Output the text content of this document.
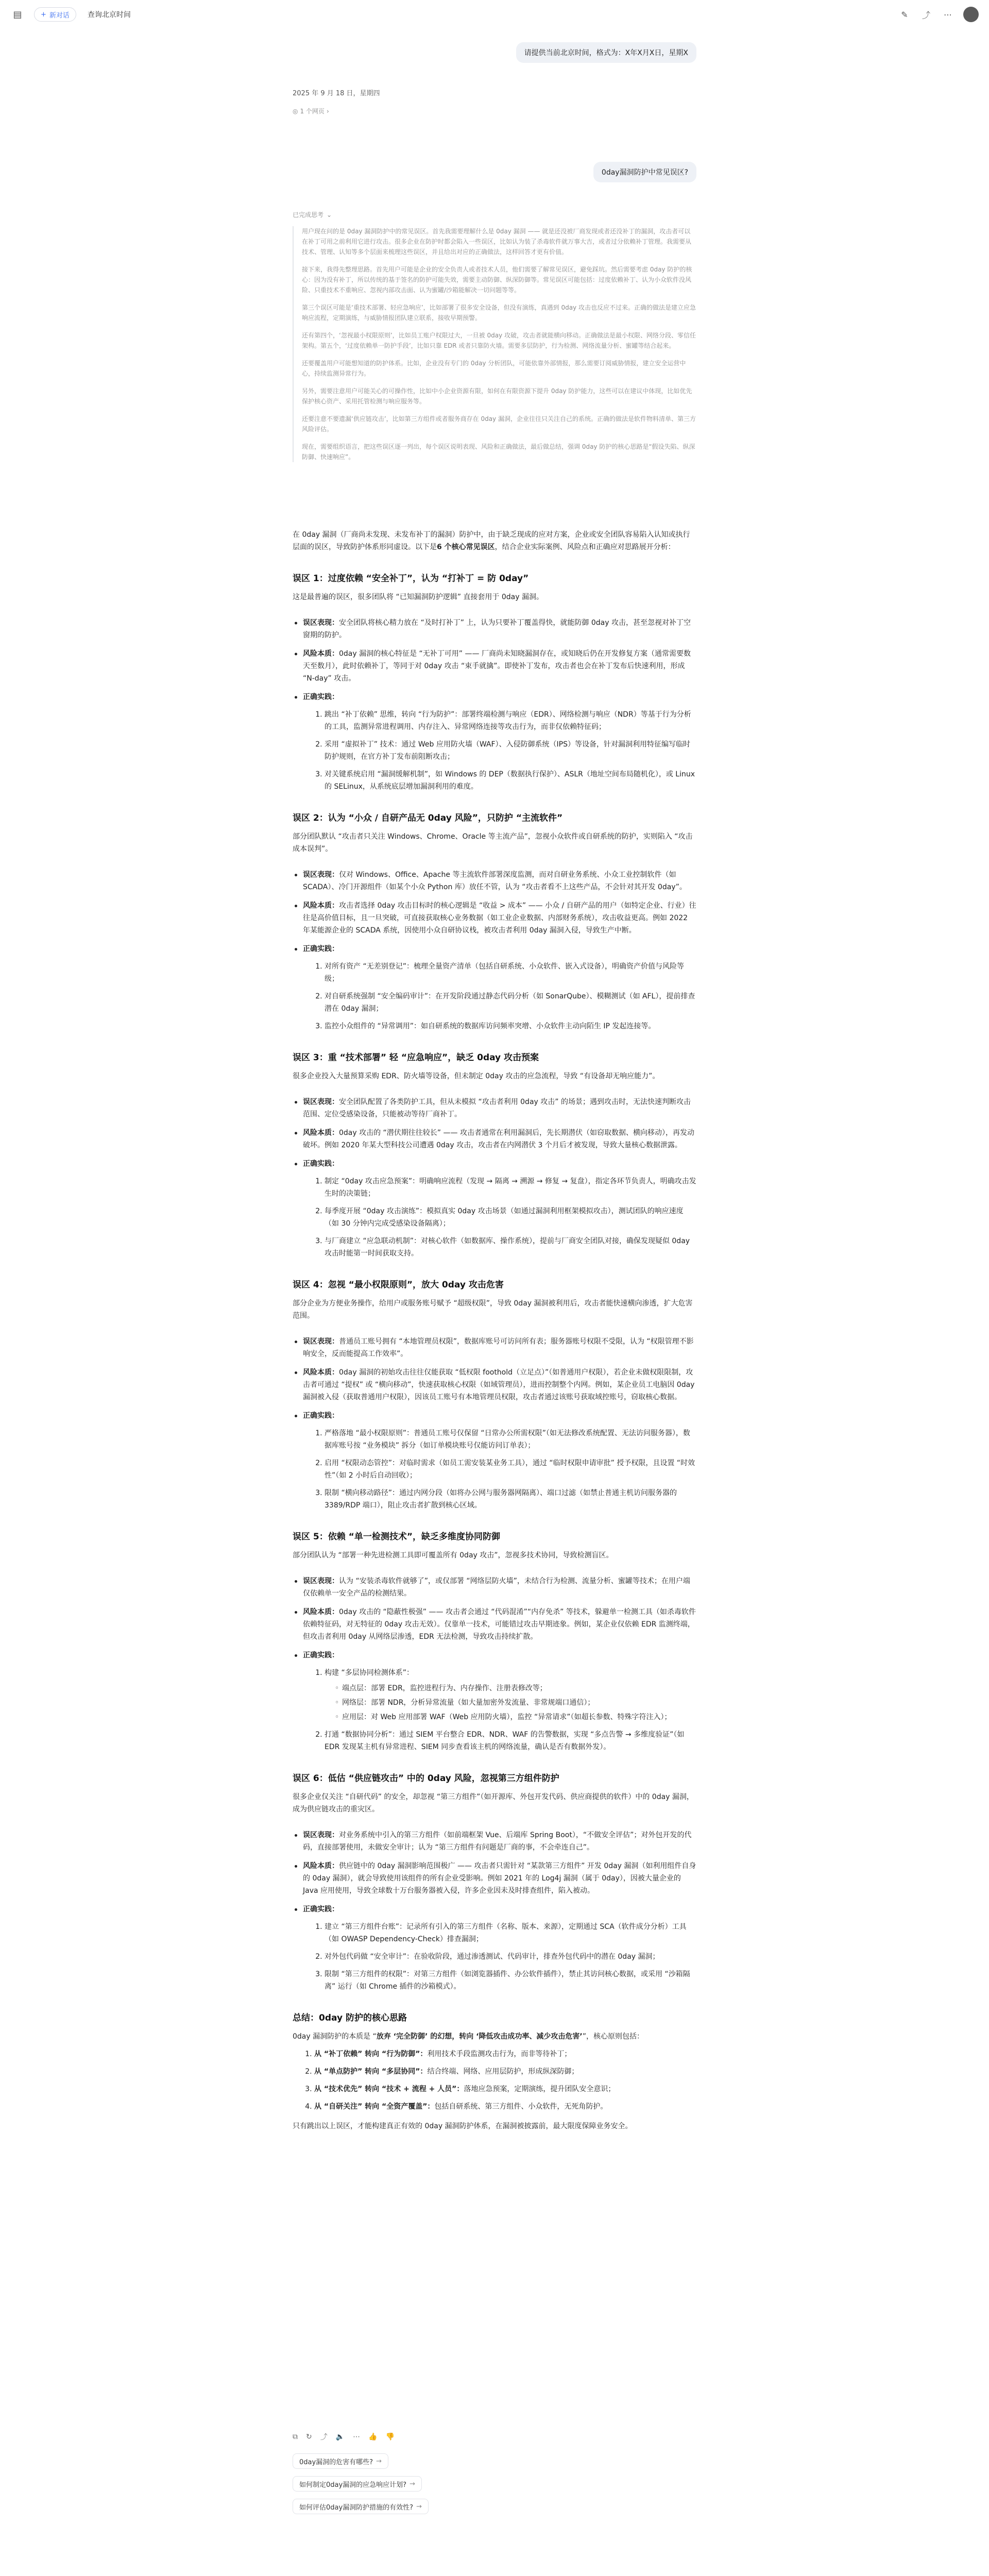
▤	+ 新对话	查询北京时间	✎	⤴ ⋯
请提供当前北京时间，格式为：X年X月X日，星期X
2025 年 9 月 18 日，星期四
◎ 1 个网页 ›
0day漏洞防护中常见误区?
已完成思考 ⌄

用户现在问的是 0day 漏洞防护中的常见误区。首先我需要理解什么是 0day 漏洞 —— 就是还没被厂商发现或者还没补丁的漏洞，攻击者可以在补丁可用之前利用它进行攻击。很多企业在防护时都会陷入一些误区，比如认为装了杀毒软件就万事大吉，或者过分依赖补丁管理。我需要从技术、管理、认知等多个层面来梳理这些误区，并且给出对应的正确做法，这样回答才更有价值。

接下来，我得先整理思路。首先用户可能是企业的安全负责人或者技术人员，他们需要了解常见误区，避免踩坑。然后需要考虑 0day 防护的核心：因为没有补丁，所以传统的基于签名的防护可能失效，需要主动防御、纵深防御等。常见误区可能包括：过度依赖补丁、认为小众软件没风险、只重技术不重响应、忽视内部攻击面、认为蜜罐/沙箱能解决一切问题等等。

第三个误区可能是‘重技术部署、轻应急响应’，比如部署了很多安全设备，但没有演练，真遇到 0day 攻击也反应不过来。正确的做法是建立应急响应流程，定期演练，与威胁情报团队建立联系，接收早期预警。

还有第四个，‘忽视最小权限原则’，比如员工账户权限过大，一旦被 0day 攻破，攻击者就能横向移动。正确做法是最小权限、网络分段、零信任架构。第五个，‘过度依赖单一防护手段’，比如只靠 EDR 或者只靠防火墙。需要多层防护，行为检测、网络流量分析、蜜罐等结合起来。

还要覆盖用户可能想知道的防护体系。比如，企业没有专门的 0day 分析团队，可能依靠外部情报，那么需要订阅威胁情报，建立安全运营中心，持续监测异常行为。

另外，需要注意用户可能关心的可操作性，比如中小企业资源有限，如何在有限资源下提升 0day 防护能力，这些可以在建议中体现，比如优先保护核心资产、采用托管检测与响应服务等。

还要注意不要遗漏‘供应链攻击’，比如第三方组件或者服务商存在 0day 漏洞，企业往往只关注自己的系统。正确的做法是软件物料清单、第三方风险评估。

现在，需要组织语言，把这些误区逐一列出，每个误区说明表现、风险和正确做法，最后做总结，强调 0day 防护的核心思路是“假设失陷、纵深防御、快速响应”。

在 0day 漏洞（厂商尚未发现、未发布补丁的漏洞）防护中，由于缺乏现成的应对方案，企业或安全团队容易陷入认知或执行层面的误区，导致防护体系形同虚设。以下是6 个核心常见误区，结合企业实际案例、风险点和正确应对思路展开分析：

误区 1：过度依赖 “安全补丁”，认为 “打补丁 = 防 0day”

这是最普遍的误区，很多团队将 “已知漏洞防护逻辑” 直接套用于 0day 漏洞。

误区表现：安全团队将核心精力放在 “及时打补丁” 上，认为只要补丁覆盖得快，就能防御 0day 攻击，甚至忽视对补丁空窗期的防护。
风险本质：0day 漏洞的核心特征是 “无补丁可用” —— 厂商尚未知晓漏洞存在，或知晓后仍在开发修复方案（通常需要数天至数月），此时依赖补丁，等同于对 0day 攻击 “束手就擒”。即使补丁发布，攻击者也会在补丁发布后快速利用，形成 “N-day” 攻击。
正确实践：
1. 跳出 “补丁依赖” 思维，转向 “行为防护”：部署终端检测与响应（EDR）、网络检测与响应（NDR）等基于行为分析的工具，监测异常进程调用、内存注入、异常网络连接等攻击行为，而非仅依赖特征码；
2. 采用 “虚拟补丁” 技术：通过 Web 应用防火墙（WAF）、入侵防御系统（IPS）等设备，针对漏洞利用特征编写临时防护规则，在官方补丁发布前阻断攻击；
3. 对关键系统启用 “漏洞缓解机制”，如 Windows 的 DEP（数据执行保护）、ASLR（地址空间布局随机化），或 Linux 的 SELinux，从系统底层增加漏洞利用的难度。
误区 2：认为 “小众 / 自研产品无 0day 风险”，只防护 “主流软件”

部分团队默认 “攻击者只关注 Windows、Chrome、Oracle 等主流产品”，忽视小众软件或自研系统的防护，实则陷入 “攻击成本误判”。

误区表现：仅对 Windows、Office、Apache 等主流软件部署深度监测，而对自研业务系统、小众工业控制软件（如 SCADA）、冷门开源组件（如某个小众 Python 库）放任不管，认为 “攻击者看不上这些产品，不会针对其开发 0day”。
风险本质：攻击者选择 0day 攻击目标时的核心逻辑是 “收益 > 成本” —— 小众 / 自研产品的用户（如特定企业、行业）往往是高价值目标，且一旦突破，可直接获取核心业务数据（如工业企业数据、内部财务系统），攻击收益更高。例如 2022 年某能源企业的 SCADA 系统，因使用小众自研协议栈，被攻击者利用 0day 漏洞入侵，导致生产中断。
正确实践：
1. 对所有资产 “无差别登记”：梳理全量资产清单（包括自研系统、小众软件、嵌入式设备），明确资产价值与风险等级；
2. 对自研系统强制 “安全编码审计”：在开发阶段通过静态代码分析（如 SonarQube）、模糊测试（如 AFL），提前排查潜在 0day 漏洞；
3. 监控小众组件的 “异常调用”：如自研系统的数据库访问频率突增、小众软件主动向陌生 IP 发起连接等。
误区 3：重 “技术部署” 轻 “应急响应”，缺乏 0day 攻击预案

很多企业投入大量预算采购 EDR、防火墙等设备，但未制定 0day 攻击的应急流程，导致 “有设备却无响应能力”。

误区表现：安全团队配置了各类防护工具，但从未模拟 “攻击者利用 0day 攻击” 的场景；遇到攻击时，无法快速判断攻击范围、定位受感染设备，只能被动等待厂商补丁。
风险本质：0day 攻击的 “潜伏期往往较长” —— 攻击者通常在利用漏洞后，先长期潜伏（如窃取数据、横向移动），再发动破坏。例如 2020 年某大型科技公司遭遇 0day 攻击，攻击者在内网潜伏 3 个月后才被发现，导致大量核心数据泄露。
正确实践：
1. 制定 “0day 攻击应急预案”：明确响应流程（发现 → 隔离 → 溯源 → 修复 → 复盘），指定各环节负责人，明确攻击发生时的决策链；
2. 每季度开展 “0day 攻击演练”：模拟真实 0day 攻击场景（如通过漏洞利用框架模拟攻击），测试团队的响应速度（如 30 分钟内完成受感染设备隔离）；
3. 与厂商建立 “应急联动机制”：对核心软件（如数据库、操作系统），提前与厂商安全团队对接，确保发现疑似 0day 攻击时能第一时间获取支持。
误区 4：忽视 “最小权限原则”，放大 0day 攻击危害

部分企业为方便业务操作，给用户或服务账号赋予 “超级权限”，导致 0day 漏洞被利用后，攻击者能快速横向渗透，扩大危害范围。

误区表现：普通员工账号拥有 “本地管理员权限”，数据库账号可访问所有表；服务器账号权限不受限，认为 “权限管理不影响安全，反而能提高工作效率”。
风险本质：0day 漏洞的初始攻击往往仅能获取 “低权限 foothold（立足点）”（如普通用户权限），若企业未做权限限制，攻击者可通过 “提权” 或 “横向移动”，快速获取核心权限（如域管理员），进而控制整个内网。例如，某企业员工电脑因 0day 漏洞被入侵（获取普通用户权限），因该员工账号有本地管理员权限，攻击者通过该账号获取域控账号，窃取核心数据。
正确实践：
1. 严格落地 “最小权限原则”：普通员工账号仅保留 “日常办公所需权限”（如无法修改系统配置、无法访问服务器），数据库账号按 “业务模块” 拆分（如订单模块账号仅能访问订单表）；
2. 启用 “权限动态管控”：对临时需求（如员工需安装某业务工具），通过 “临时权限申请审批” 授予权限，且设置 “时效性”（如 2 小时后自动回收）；
3. 限制 “横向移动路径”：通过内网分段（如将办公网与服务器网隔离）、端口过滤（如禁止普通主机访问服务器的 3389/RDP 端口），阻止攻击者扩散到核心区域。
误区 5：依赖 “单一检测技术”，缺乏多维度协同防御

部分团队认为 “部署一种先进检测工具即可覆盖所有 0day 攻击”，忽视多技术协同，导致检测盲区。

误区表现：认为 “安装杀毒软件就够了”，或仅部署 “网络层防火墙”，未结合行为检测、流量分析、蜜罐等技术；在用户端仅依赖单一安全产品的检测结果。
风险本质：0day 攻击的 “隐蔽性极强” —— 攻击者会通过 “代码混淆”“内存免杀” 等技术，躲避单一检测工具（如杀毒软件依赖特征码，对无特征的 0day 攻击无效）。仅靠单一技术，可能错过攻击早期迹象。例如，某企业仅依赖 EDR 监测终端，但攻击者利用 0day 从网络层渗透，EDR 无法检测，导致攻击持续扩散。
正确实践：
1. 构建 “多层协同检测体系”：
◦ 端点层：部署 EDR，监控进程行为、内存操作、注册表修改等；
◦ 网络层：部署 NDR，分析异常流量（如大量加密外发流量、非常规端口通信）；
◦ 应用层：对 Web 应用部署 WAF（Web 应用防火墙），监控 “异常请求”（如超长参数、特殊字符注入）；
2. 打通 “数据协同分析”：通过 SIEM 平台整合 EDR、NDR、WAF 的告警数据，实现 “多点告警 → 多维度验证”（如 EDR 发现某主机有异常进程、SIEM 同步查看该主机的网络流量，确认是否有数据外发）。
误区 6：低估 “供应链攻击” 中的 0day 风险，忽视第三方组件防护

很多企业仅关注 “自研代码” 的安全，却忽视 “第三方组件”（如开源库、外包开发代码、供应商提供的软件）中的 0day 漏洞，成为供应链攻击的重灾区。

误区表现：对业务系统中引入的第三方组件（如前端框架 Vue、后端库 Spring Boot），“不做安全评估”；对外包开发的代码，直接部署使用，未做安全审计；认为 “第三方组件有问题是厂商的事，不会牵连自己”。
风险本质：供应链中的 0day 漏洞影响范围极广 —— 攻击者只需针对 “某款第三方组件” 开发 0day 漏洞（如利用组件自身的 0day 漏洞），就会导致使用该组件的所有企业受影响。例如 2021 年的 Log4j 漏洞（属于 0day），因被大量企业的 Java 应用使用，导致全球数十万台服务器被入侵，许多企业因未及时排查组件，陷入被动。
正确实践：
1. 建立 “第三方组件台账”：记录所有引入的第三方组件（名称、版本、来源），定期通过 SCA（软件成分分析）工具（如 OWASP Dependency-Check）排查漏洞；
2. 对外包代码做 “安全审计”：在验收阶段，通过渗透测试、代码审计，排查外包代码中的潜在 0day 漏洞；
3. 限制 “第三方组件的权限”：对第三方组件（如浏览器插件、办公软件插件），禁止其访问核心数据，或采用 “沙箱隔离” 运行（如 Chrome 插件的沙箱模式）。
总结：0day 防护的核心思路

0day 漏洞防护的本质是 “放弃 ‘完全防御’ 的幻想，转向 ‘降低攻击成功率、减少攻击危害’”，核心原则包括：

1. 从 “补丁依赖” 转向 “行为防御”：利用技术手段监测攻击行为，而非等待补丁；
2. 从 “单点防护” 转向 “多层协同”：结合终端、网络、应用层防护，形成纵深防御；
3. 从 “技术优先” 转向 “技术 + 流程 + 人员”：落地应急预案，定期演练，提升团队安全意识；
4. 从 “自研关注” 转向 “全资产覆盖”：包括自研系统、第三方组件、小众软件，无死角防护。

只有跳出以上误区，才能构建真正有效的 0day 漏洞防护体系，在漏洞被披露前，最大限度保障业务安全。

⧉ ↻ ⤴ 🔈 ⋯ 👍 👎
0day漏洞的危害有哪些? →
如何制定0day漏洞的应急响应计划? →
如何评估0day漏洞防护措施的有效性? →
